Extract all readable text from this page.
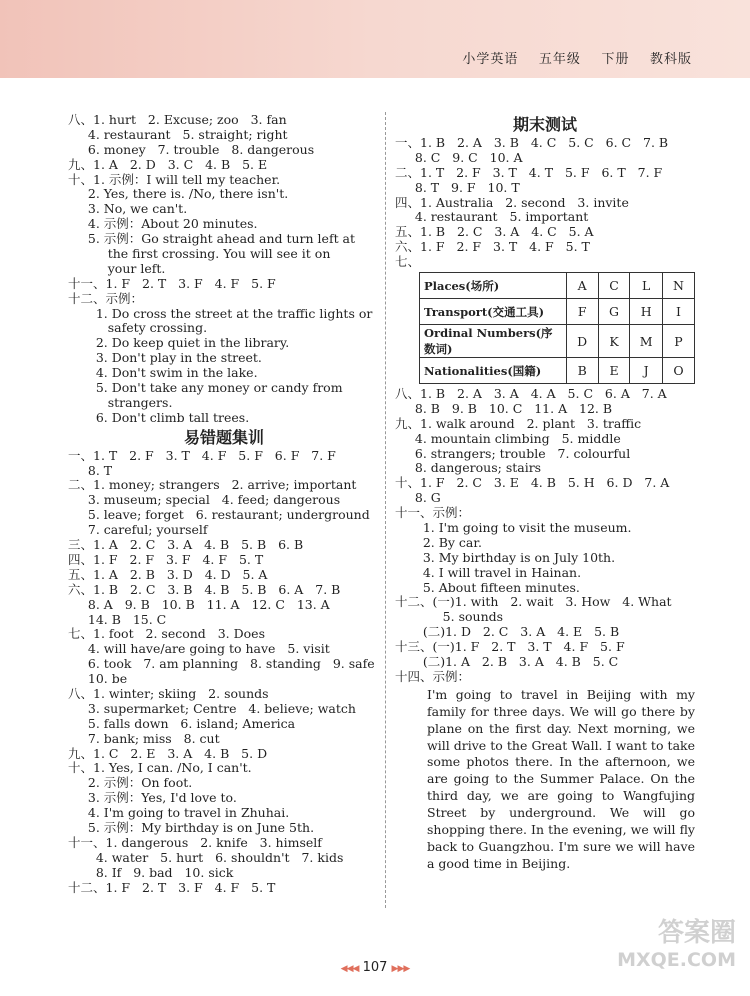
小学英语    五年级    下册    教科版
八、1. hurt   2. Excuse; zoo   3. fan
4. restaurant   5. straight; right
6. money   7. trouble   8. dangerous
九、1. A   2. D   3. C   4. B   5. E
十、1. 示例：I will tell my teacher.
2. Yes, there is. /No, there isn't.
3. No, we can't.
4. 示例：About 20 minutes.
5. 示例：Go straight ahead and turn left at
the first crossing. You will see it on
your left.
十一、1. F   2. T   3. F   4. F   5. F
十二、示例：
1. Do cross the street at the traffic lights or
safety crossing.
2. Do keep quiet in the library.
3. Don't play in the street.
4. Don't swim in the lake.
5. Don't take any money or candy from
strangers.
6. Don't climb tall trees.
易错题集训
一、1. T   2. F   3. T   4. F   5. F   6. F   7. F
8. T
二、1. money; strangers   2. arrive; important
3. museum; special   4. feed; dangerous
5. leave; forget   6. restaurant; underground
7. careful; yourself
三、1. A   2. C   3. A   4. B   5. B   6. B
四、1. F   2. F   3. F   4. F   5. T
五、1. A   2. B   3. D   4. D   5. A
六、1. B   2. C   3. B   4. B   5. B   6. A   7. B
8. A   9. B   10. B   11. A   12. C   13. A
14. B   15. C
七、1. foot   2. second   3. Does
4. will have/are going to have   5. visit
6. took   7. am planning   8. standing   9. safe
10. be
八、1. winter; skiing   2. sounds
3. supermarket; Centre   4. believe; watch
5. falls down   6. island; America
7. bank; miss   8. cut
九、1. C   2. E   3. A   4. B   5. D
十、1. Yes, I can. /No, I can't.
2. 示例：On foot.
3. 示例：Yes, I'd love to.
4. I'm going to travel in Zhuhai.
5. 示例：My birthday is on June 5th.
十一、1. dangerous   2. knife   3. himself
4. water   5. hurt   6. shouldn't   7. kids
8. If   9. bad   10. sick
十二、1. F   2. T   3. F   4. F   5. T
期末测试
一、1. B   2. A   3. B   4. C   5. C   6. C   7. B
8. C   9. C   10. A
二、1. T   2. F   3. T   4. T   5. F   6. T   7. F
8. T   9. F   10. T
四、1. Australia   2. second   3. invite
4. restaurant   5. important
五、1. B   2. C   3. A   4. C   5. A
六、1. F   2. F   3. T   4. F   5. T
七、
Places(场所)	A	C	L	N
Transport(交通工具)	F	G	H	I
Ordinal Numbers(序数词)	D	K	M	P
Nationalities(国籍)	B	E	J	O
八、1. B   2. A   3. A   4. A   5. C   6. A   7. A
8. B   9. B   10. C   11. A   12. B
九、1. walk around   2. plant   3. traffic
4. mountain climbing   5. middle
6. strangers; trouble   7. colourful
8. dangerous; stairs
十、1. F   2. C   3. E   4. B   5. H   6. D   7. A
8. G
十一、示例：
1. I'm going to visit the museum.
2. By car.
3. My birthday is on July 10th.
4. I will travel in Hainan.
5. About fifteen minutes.
十二、(一)1. with   2. wait   3. How   4. What
5. sounds
(二)1. D   2. C   3. A   4. E   5. B
十三、(一)1. F   2. T   3. T   4. F   5. F
(二)1. A   2. B   3. A   4. B   5. C
十四、示例：
I'm going to travel in Beijing with my family for three days. We will go there by plane on the first day. Next morning, we will drive to the Great Wall. I want to take some photos there. In the afternoon, we are going to the Summer Palace. On the third day, we are going to Wangfujing Street by underground. We will go shopping there. In the evening, we will fly back to Guangzhou. I'm sure we will have a good time in Beijing.
◀◀◀ 107 ▶▶▶
答案圈
MXQE.COM
